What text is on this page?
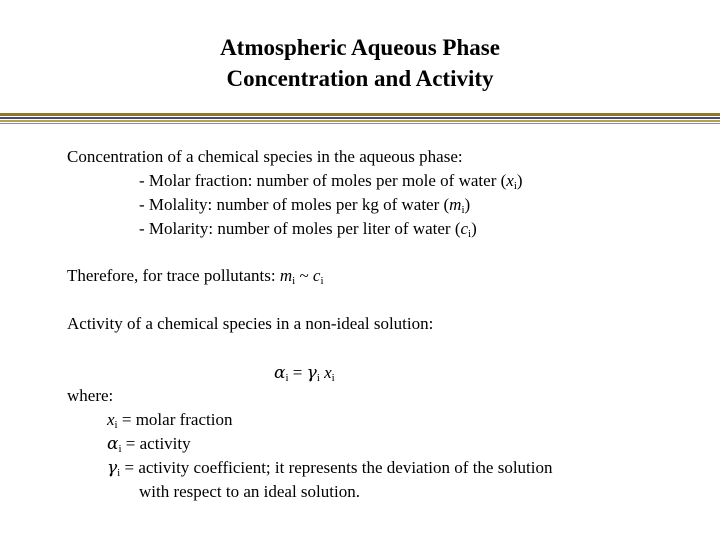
Atmospheric Aqueous Phase
Concentration and Activity
Concentration of a chemical species in the aqueous phase:
- Molar fraction: number of moles per mole of water $(x_i)$
- Molality: number of moles per kg of water $(m_i)$
- Molarity: number of moles per liter of water $(c_i)$
Therefore, for trace pollutants: $m_i$ ~ $c_i$
Activity of a chemical species in a non-ideal solution:
$\alpha_i = \gamma_i$ $x_i$
where:
$x_i$ = molar fraction
$\alpha_i$ = activity
$\gamma_i$ = activity coefficient; it represents the deviation of the solution
with respect to an ideal solution.
